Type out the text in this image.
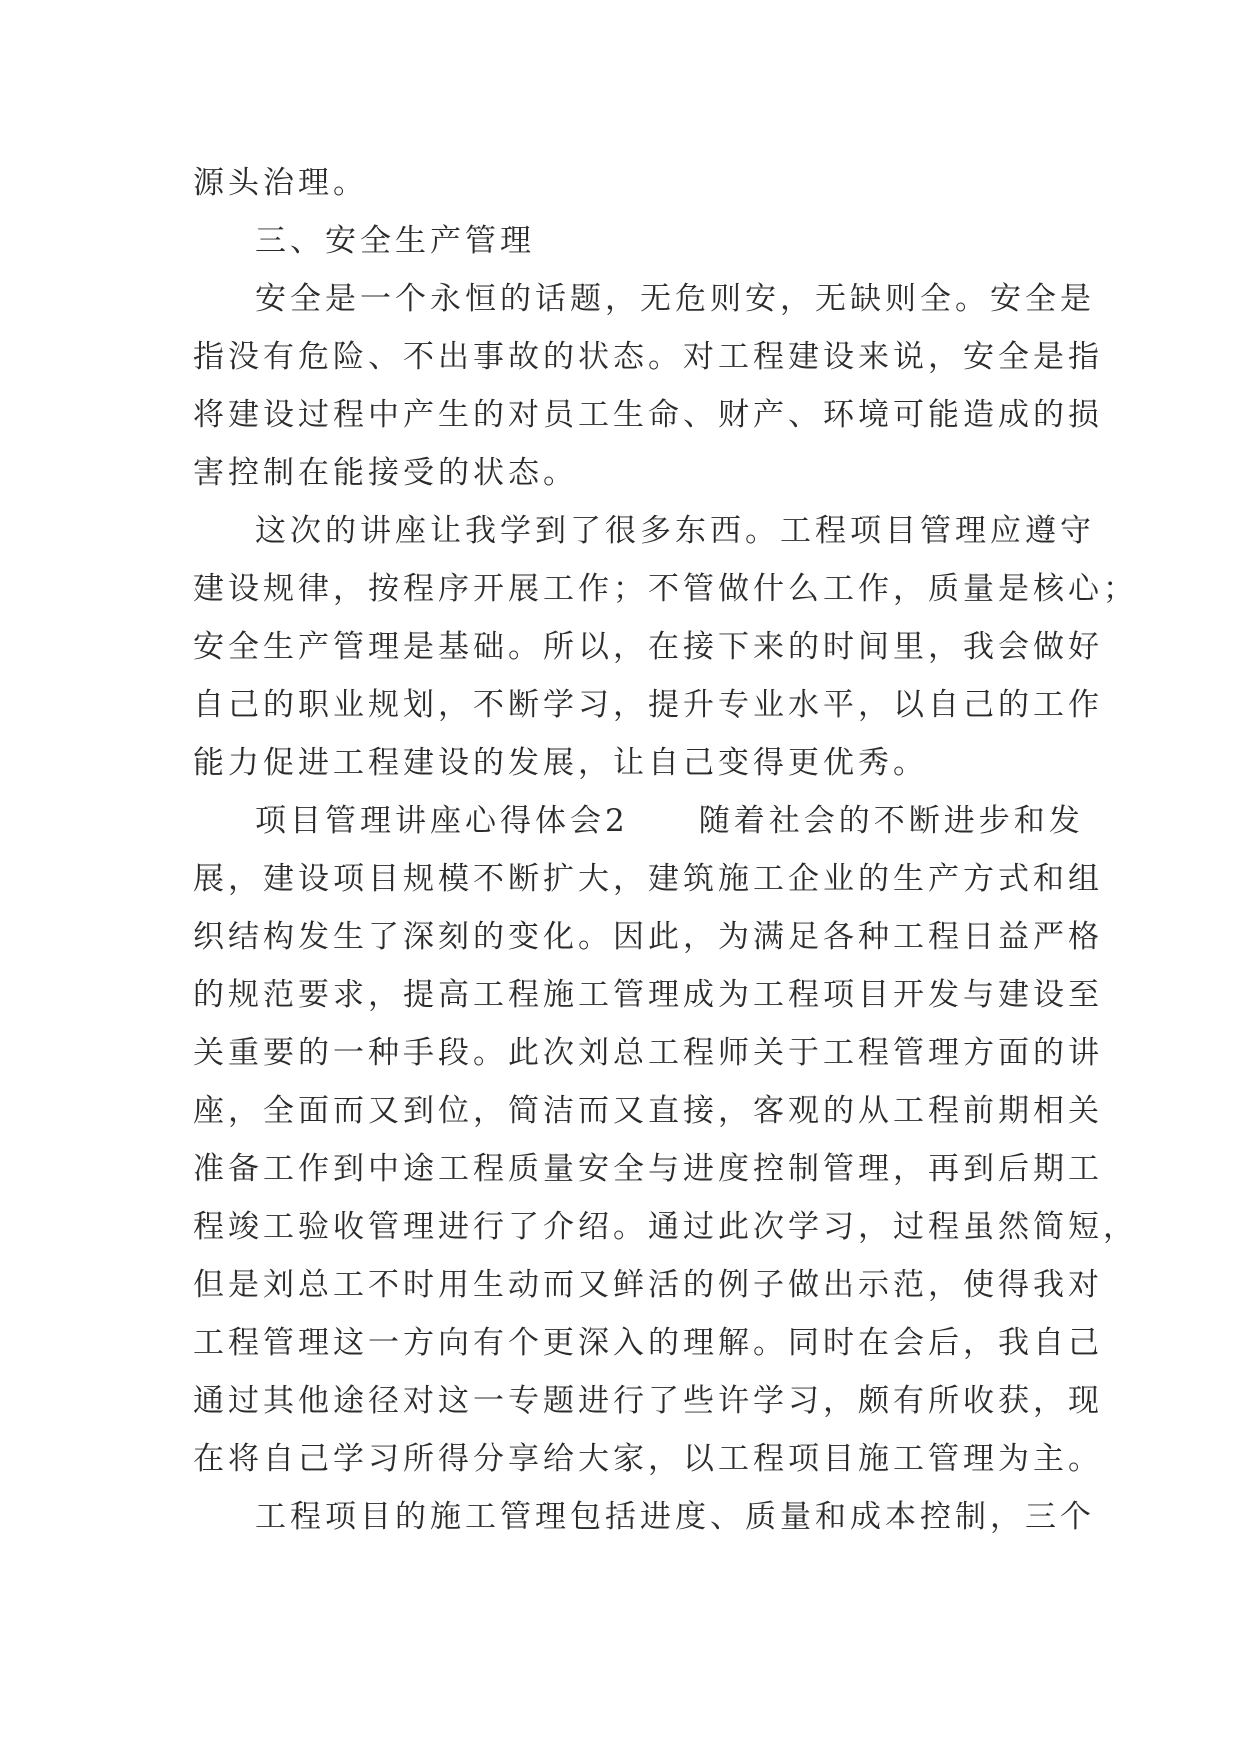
源头治理。
三、安全生产管理
安全是一个永恒的话题，无危则安，无缺则全。安全是
指没有危险、不出事故的状态。对工程建设来说，安全是指
将建设过程中产生的对员工生命、财产、环境可能造成的损
害控制在能接受的状态。
这次的讲座让我学到了很多东西。工程项目管理应遵守
建设规律，按程序开展工作；不管做什么工作，质量是核心；
安全生产管理是基础。所以，在接下来的时间里，我会做好
自己的职业规划，不断学习，提升专业水平，以自己的工作
能力促进工程建设的发展，让自己变得更优秀。
项目管理讲座心得体会2　　随着社会的不断进步和发
展，建设项目规模不断扩大，建筑施工企业的生产方式和组
织结构发生了深刻的变化。因此，为满足各种工程日益严格
的规范要求，提高工程施工管理成为工程项目开发与建设至
关重要的一种手段。此次刘总工程师关于工程管理方面的讲
座，全面而又到位，简洁而又直接，客观的从工程前期相关
准备工作到中途工程质量安全与进度控制管理，再到后期工
程竣工验收管理进行了介绍。通过此次学习，过程虽然简短，
但是刘总工不时用生动而又鲜活的例子做出示范，使得我对
工程管理这一方向有个更深入的理解。同时在会后，我自己
通过其他途径对这一专题进行了些许学习，颇有所收获，现
在将自己学习所得分享给大家，以工程项目施工管理为主。
工程项目的施工管理包括进度、质量和成本控制，三个
